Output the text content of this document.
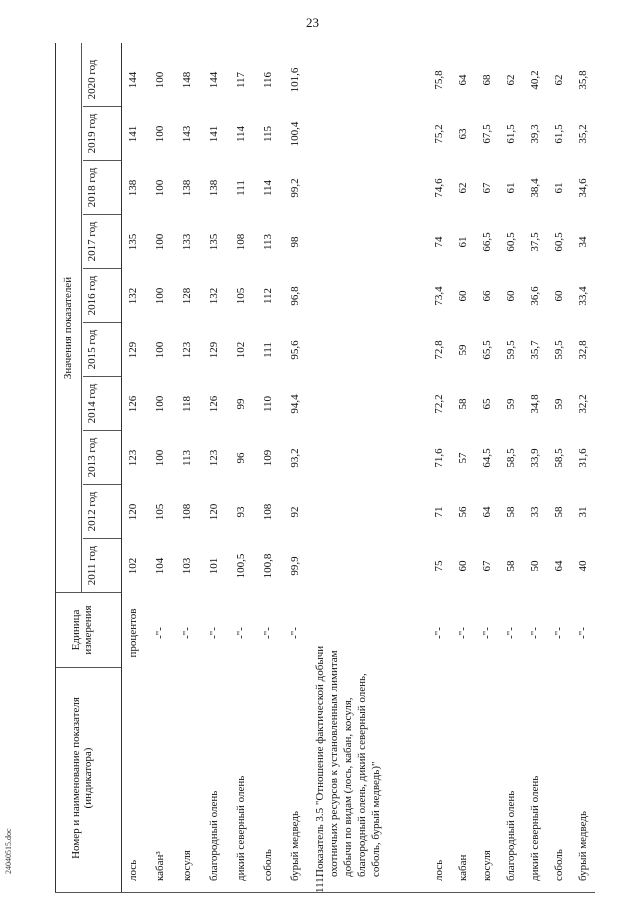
23
Номер и наименование показателя (индикатора)
Единица измерения
Значения показателей
2011 год
2012 год
2013 год
2014 год
2015 год
2016 год
2017 год
2018 год
2019 год
2020 год
лось
процентов
102
120
123
126
129
132
135
138
141
144
кабан³
-"-
104
105
100
100
100
100
100
100
100
100
косуля
-"-
103
108
113
118
123
128
133
138
143
148
благородный олень
-"-
101
120
123
126
129
132
135
138
141
144
дикий северный олень
-"-
100,5
93
96
99
102
105
108
111
114
117
соболь
-"-
100,8
108
109
110
111
112
113
114
115
116
бурый медведь
-"-
99,9
92
93,2
94,4
95,6
96,8
98
99,2
100,4
101,6
111.
Показатель 3.5 "Отношение фактической добычи охотничьих ресурсов к установленным лимитам добычи по видам (лось, кабан, косуля, благородный олень, дикий северный олень, соболь, бурый медведь)"	лось
-"-
75
71
71,6
72,2
72,8
73,4
74
74,6
75,2
75,8
кабан
-"-
60
56
57
58
59
60
61
62
63
64
косуля
-"-
67
64
64,5
65
65,5
66
66,5
67
67,5
68
благородный олень
-"-
58
58
58,5
59
59,5
60
60,5
61
61,5
62
дикий северный олень
-"-
50
33
33,9
34,8
35,7
36,6
37,5
38,4
39,3
40,2
соболь
-"-
64
58
58,5
59
59,5
60
60,5
61
61,5
62
бурый медведь
-"-
40
31
31,6
32,2
32,8
33,4
34
34,6
35,2
35,8
24040515.doc
